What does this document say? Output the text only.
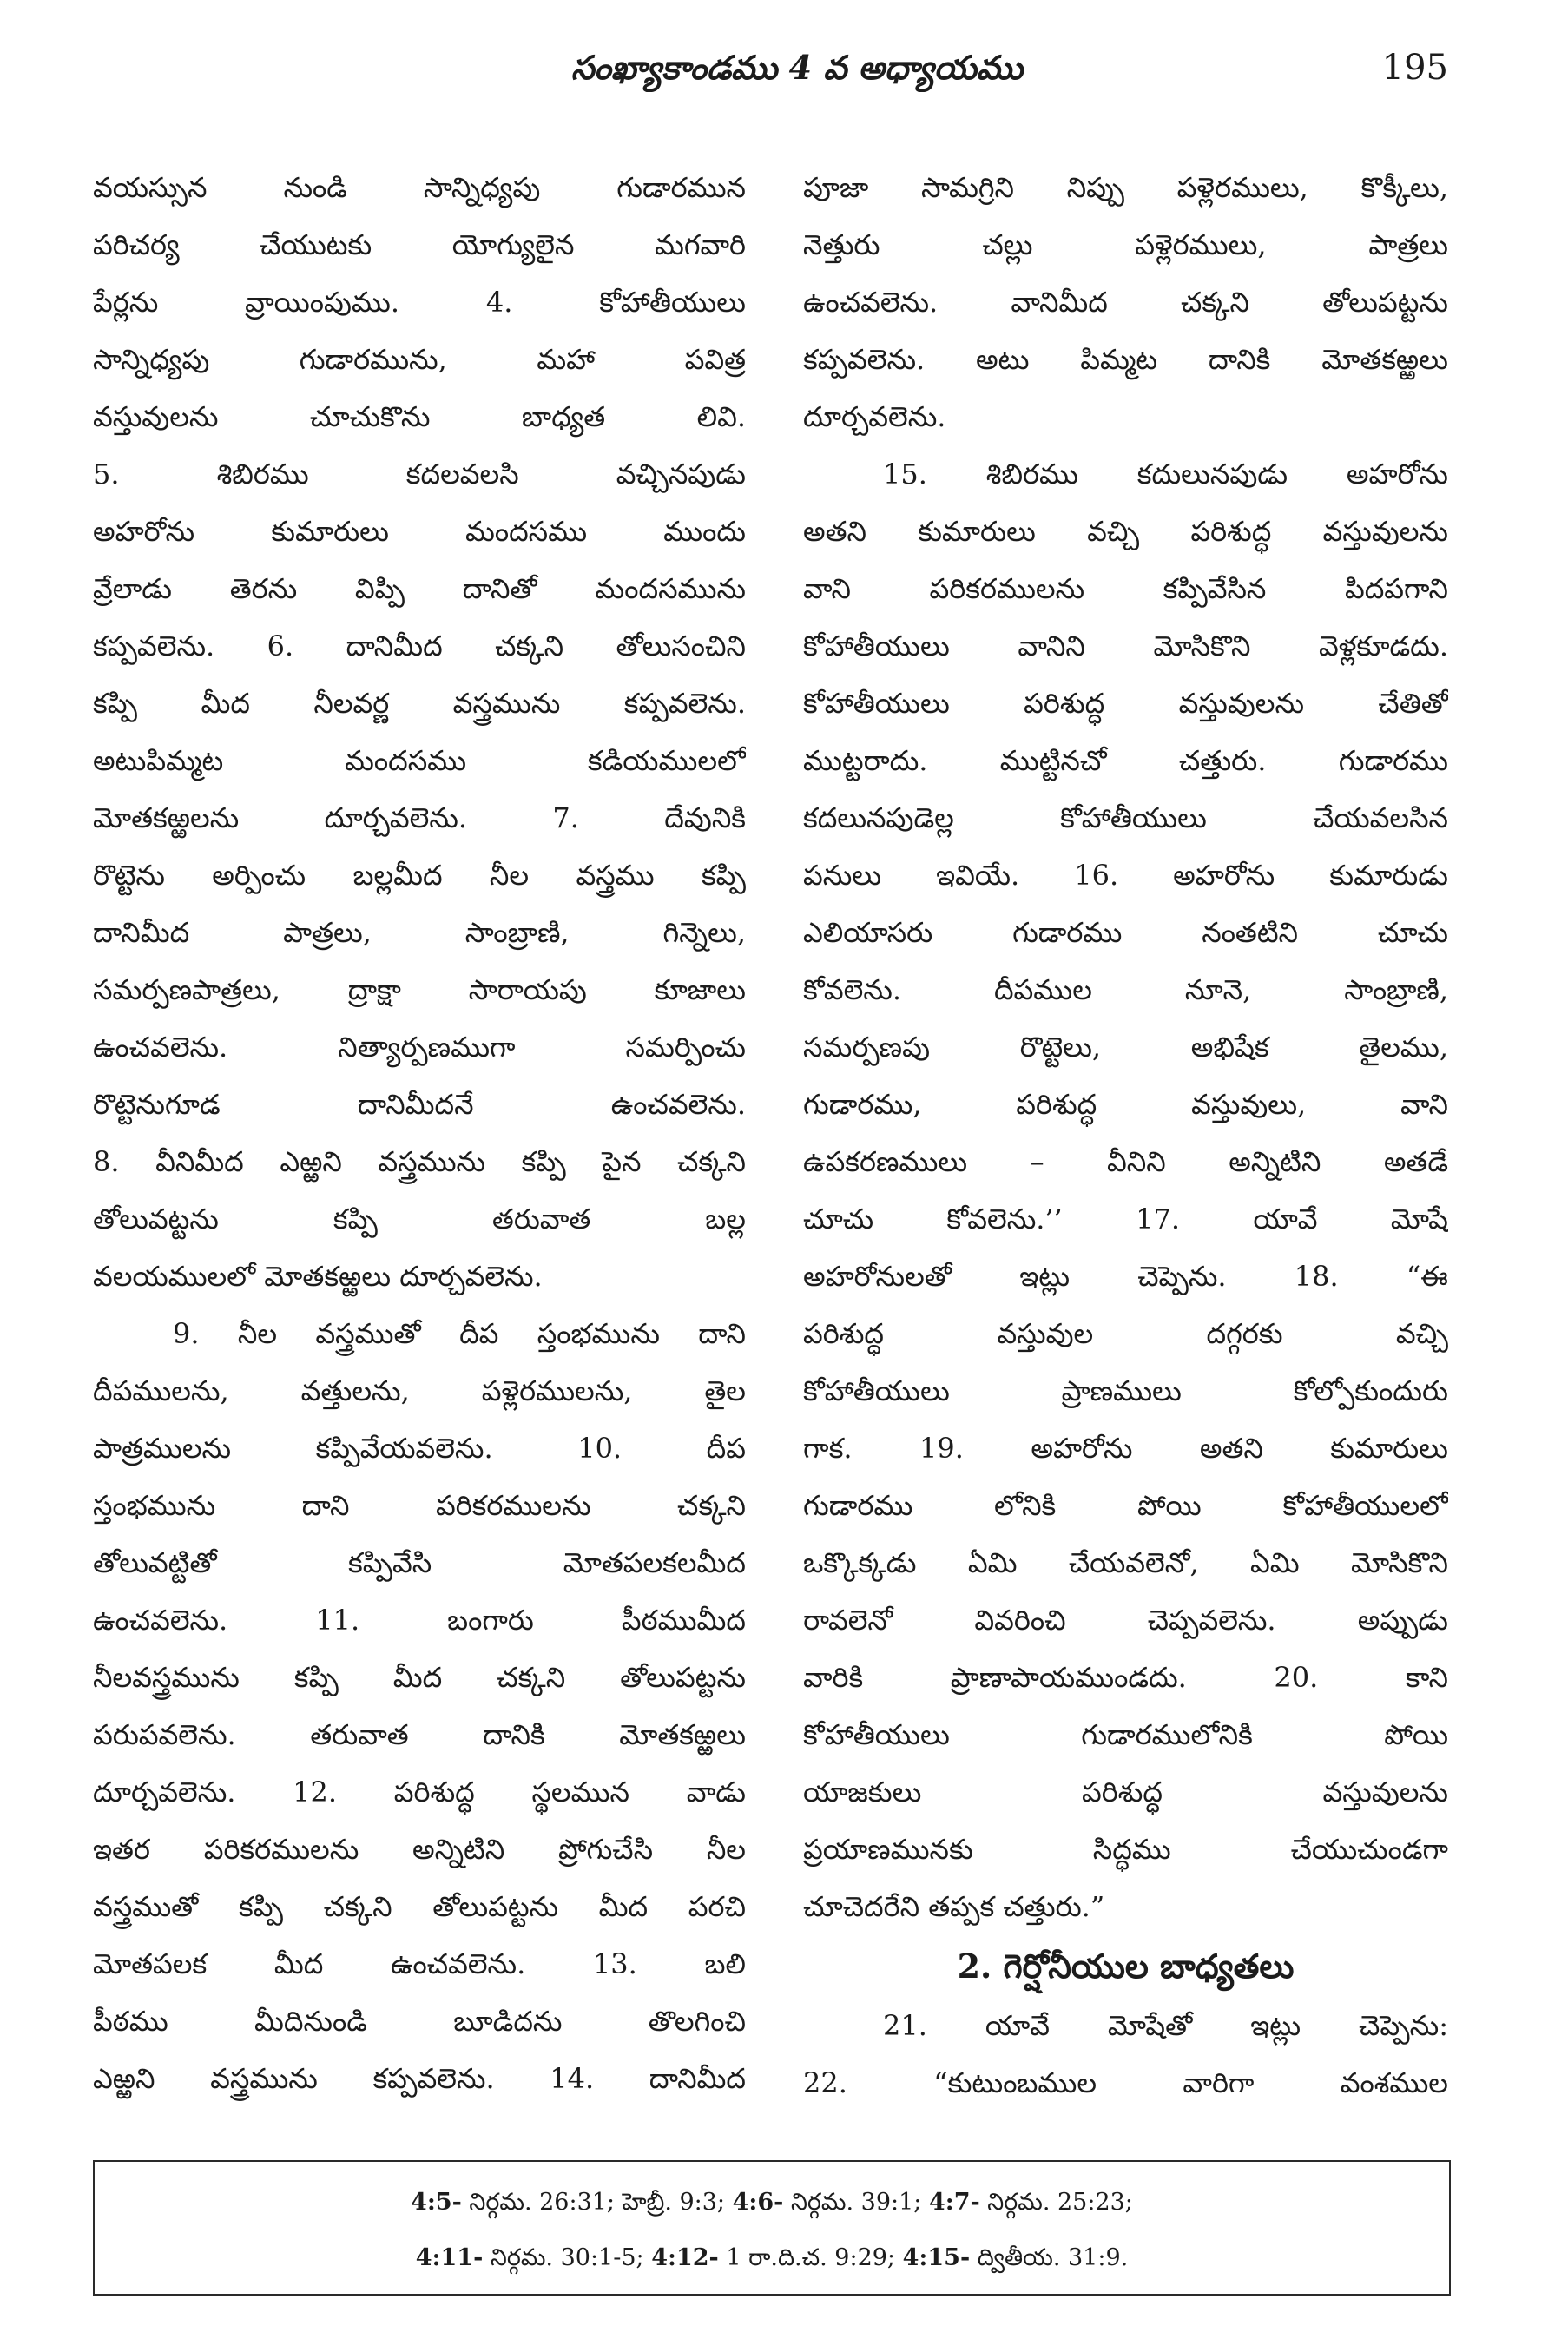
సంఖ్యాకాండము 4 వ అధ్యాయము	195
వయస్సున నుండి సాన్నిధ్యపు గుడారమున
పరిచర్య చేయుటకు యోగ్యులైన మగవారి
పేర్లను వ్రాయింపుము. 4. కోహాతీయులు
సాన్నిధ్యపు గుడారమును, మహా పవిత్ర
వస్తువులను చూచుకొను బాధ్యత లివి.
5. శిబిరము కదలవలసి వచ్చినపుడు
అహరోను కుమారులు మందసము ముందు
వ్రేలాడు తెరను విప్పి దానితో మందసమును
కప్పవలెను. 6. దానిమీద చక్కని తోలుసంచిని
కప్పి మీద నీలవర్ణ వస్త్రమును కప్పవలెను.
అటుపిమ్మట మందసము కడియములలో
మోతకఱ్ఱలను దూర్చవలెను. 7. దేవునికి
రొట్టెను అర్పించు బల్లమీద నీల వస్త్రము కప్పి
దానిమీద పాత్రలు, సాంబ్రాణి, గిన్నెలు,
సమర్పణపాత్రలు, ద్రాక్షా సారాయపు కూజాలు
ఉంచవలెను. నిత్యార్పణముగా సమర్పించు
రొట్టెనుగూడ దానిమీదనే ఉంచవలెను.
8. వీనిమీద ఎఱ్ఱని వస్త్రమును కప్పి పైన చక్కని
తోలువట్టను కప్పి తరువాత బల్ల
వలయములలో మోతకఱ్ఱలు దూర్చవలెను.
9. నీల వస్త్రముతో దీప స్తంభమును దాని
దీపములను, వత్తులను, పళ్లెరములను, తైల
పాత్రములను కప్పివేయవలెను. 10. దీప
స్తంభమును దాని పరికరములను చక్కని
తోలువట్టితో కప్పివేసి మోతపలకలమీద
ఉంచవలెను. 11. బంగారు పీఠముమీద
నీలవస్త్రమును కప్పి మీద చక్కని తోలుపట్టను
పరుపవలెను. తరువాత దానికి మోతకఱ్ఱలు
దూర్చవలెను. 12. పరిశుద్ధ స్థలమున వాడు
ఇతర పరికరములను అన్నిటిని ప్రోగుచేసి నీల
వస్త్రముతో కప్పి చక్కని తోలుపట్టను మీద పరచి
మోతపలక మీద ఉంచవలెను. 13. బలి
పీఠము మీదినుండి బూడిదను తొలగించి
ఎఱ్ఱని వస్త్రమును కప్పవలెను. 14. దానిమీద
పూజా సామగ్రిని నిప్పు పళ్లెరములు, కొక్కీలు,
నెత్తురు చల్లు పళ్లెరములు, పాత్రలు
ఉంచవలెను. వానిమీద చక్కని తోలుపట్టను
కప్పవలెను. అటు పిమ్మట దానికి మోతకఱ్ఱలు
దూర్చవలెను.
15. శిబిరము కదులునపుడు అహరోను
అతని కుమారులు వచ్చి పరిశుద్ధ వస్తువులను
వాని పరికరములను కప్పివేసిన పిదపగాని
కోహాతీయులు వానిని మోసికొని వెళ్లకూడదు.
కోహాతీయులు పరిశుద్ధ వస్తువులను చేతితో
ముట్టరాదు. ముట్టినచో చత్తురు. గుడారము
కదలునపుడెల్ల కోహాతీయులు చేయవలసిన
పనులు ఇవియే. 16. అహరోను కుమారుడు
ఎలియాసరు గుడారము నంతటిని చూచు
కోవలెను. దీపముల నూనె, సాంబ్రాణి,
సమర్పణపు రొట్టెలు, అభిషేక తైలము,
గుడారము, పరిశుద్ధ వస్తువులు, వాని
ఉపకరణములు – వీనిని అన్నిటిని అతడే
చూచు కోవలెను.’’ 17. యావే మోషే
అహరోనులతో ఇట్లు చెప్పెను. 18. “ఈ
పరిశుద్ధ వస్తువుల దగ్గరకు వచ్చి
కోహాతీయులు ప్రాణములు కోల్పోకుందురు
గాక. 19. అహరోను అతని కుమారులు
గుడారము లోనికి పోయి కోహాతీయులలో
ఒక్కొక్కడు ఏమి చేయవలెనో, ఏమి మోసికొని
రావలెనో వివరించి చెప్పవలెను. అప్పుడు
వారికి ప్రాణాపాయముండదు. 20. కాని
కోహాతీయులు గుడారములోనికి పోయి
యాజకులు పరిశుద్ధ వస్తువులను
ప్రయాణమునకు సిద్ధము చేయుచుండగా
చూచెదరేని తప్పక చత్తురు.”
2. గెర్షోనీయుల బాధ్యతలు
21. యావే మోషేతో ఇట్లు చెప్పెను:
22. “కుటుంబముల వారిగా వంశముల
4:5- నిర్గమ. 26:31; హెబ్రీ. 9:3; 4:6- నిర్గమ. 39:1; 4:7- నిర్గమ. 25:23;
4:11- నిర్గమ. 30:1-5; 4:12- 1 రా.ది.చ. 9:29; 4:15- ద్వితీయ. 31:9.
